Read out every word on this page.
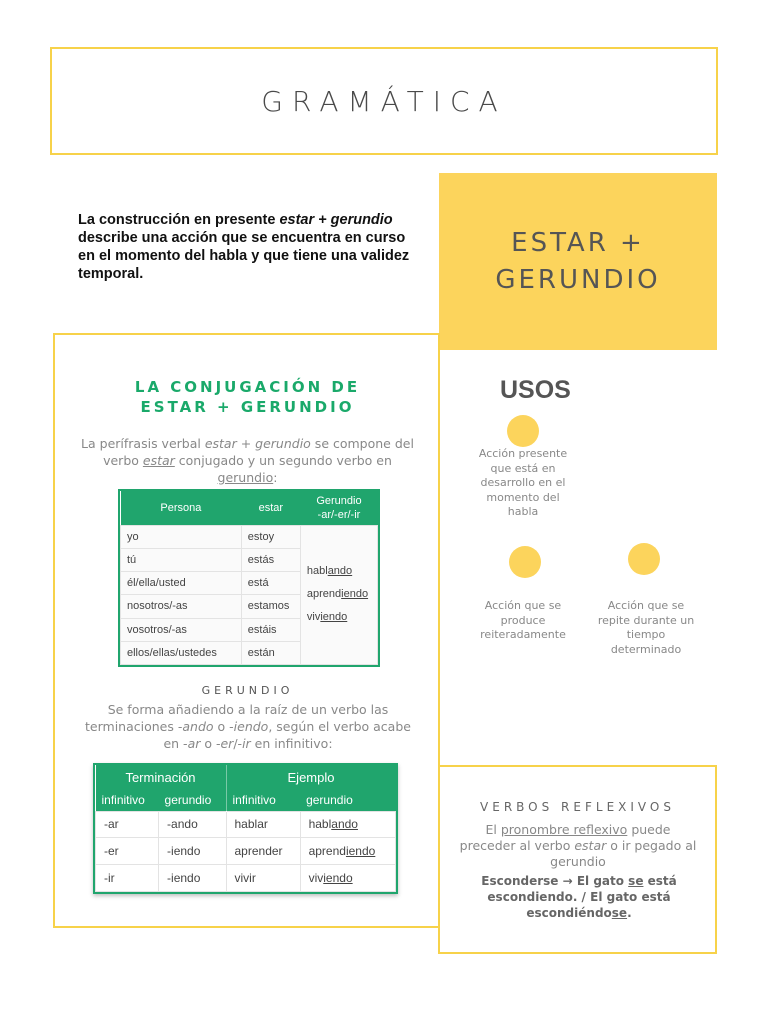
GRAMÁTICA
La construcción en presente estar + gerundio describe una acción que se encuentra en curso en el momento del habla y que tiene una validez temporal.
ESTAR +
GERUNDIO
LA CONJUGACIÓN DE
ESTAR + GERUNDIO
La perífrasis verbal estar + gerundio se compone del verbo estar conjugado y un segundo verbo en gerundio:
Persona	estar	Gerundio
-ar/-er/-ir

yo	estoy	hablando
aprendiendo
viviendo

tú	estás	
él/ella/usted	está	
nosotros/-as	estamos	
vosotros/-as	estáis	
ellos/ellas/ustedes	están	
GERUNDIO
Se forma añadiendo a la raíz de un verbo las terminaciones -ando o -iendo, según el verbo acabe en -ar o -er/-ir en infinitivo:
Terminación		Ejemplo	
infinitivo	gerundio	infinitivo	gerundio
-ar	-ando	hablar	hablando
-er	-iendo	aprender	aprendiendo
-ir	-iendo	vivir	viviendo
USOS
Acción presente que está en desarrollo en el momento del habla
Acción que se produce reiteradamente
Acción que se repite durante un tiempo determinado
VERBOS REFLEXIVOS
El pronombre reflexivo puede preceder al verbo estar o ir pegado al gerundio
Esconderse → El gato se está escondiendo. / El gato está escondiéndose.
